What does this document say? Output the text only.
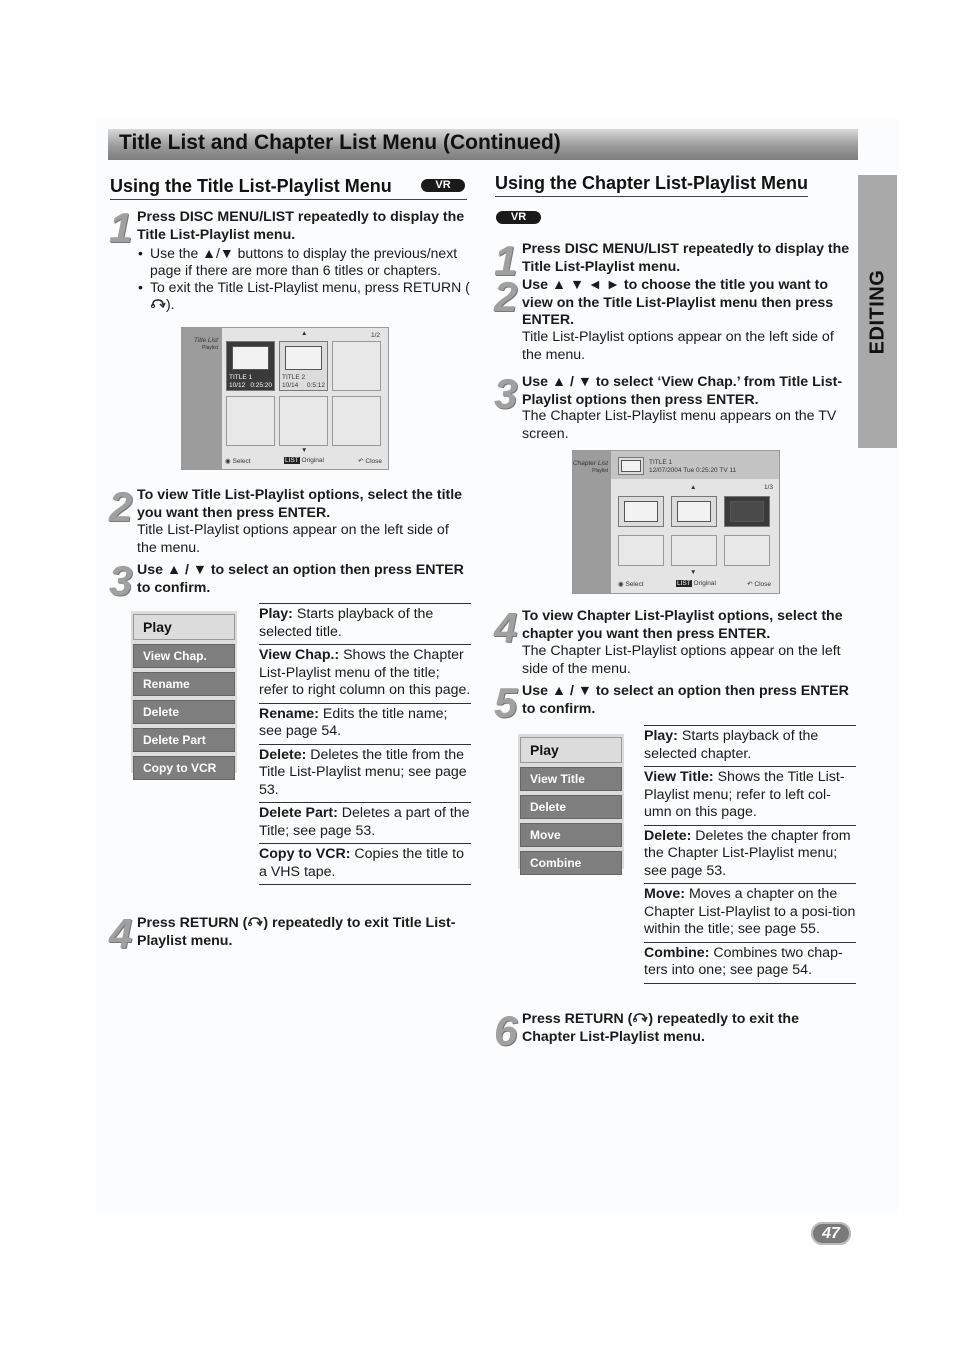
Title List and Chapter List Menu (Continued)
EDITING
Using the Title List-Playlist Menu	VR
1 Press DISC MENU/LIST repeatedly to display the Title List-Playlist menu.
• Use the ▲/▼ buttons to display the previous/next page if there are more than 6 titles or chapters.
• To exit the Title List-Playlist menu, press RETURN ().
Title List
Playlist
▲	1/2
TITLE 1
10/12 0:25:20
TITLE 2
10/14 0:5:12
▼
◉ Select	LIST Original	↶ Close
2 To view Title List-Playlist options, select the title you want then press ENTER.
Title List-Playlist options appear on the left side of the menu.
3 Use ▲ / ▼ to select an option then press ENTER to confirm.
Play
View Chap.
Rename
Delete
Delete Part
Copy to VCR
Play: Starts playback of the selected title.
View Chap.: Shows the Chapter List-Playlist menu of the title; refer to right column on this page.
Rename: Edits the title name; see page 54.
Delete: Deletes the title from the Title List-Playlist menu; see page 53.
Delete Part: Deletes a part of the Title; see page 53.
Copy to VCR: Copies the title to a VHS tape.
4 Press RETURN ( ) repeatedly to exit Title List-Playlist menu.
Using the Chapter List-Playlist Menu
VR
1 Press DISC MENU/LIST repeatedly to display the Title List-Playlist menu.
2 Use ▲ ▼ ◄ ► to choose the title you want to view on the Title List-Playlist menu then press ENTER.
Title List-Playlist options appear on the left side of the menu.
3 Use ▲ / ▼ to select ‘View Chap.’ from Title List-Playlist options then press ENTER.
The Chapter List-Playlist menu appears on the TV screen.
Chapter List
Playlist
1/3
▲
▼
◉ Select	LIST Original	↶ Close
TITLE 1
12/07/2004 Tue 0:25:20 TV 11
4 To view Chapter List-Playlist options, select the chapter you want then press ENTER.
The Chapter List-Playlist options appear on the left side of the menu.
5 Use ▲ / ▼ to select an option then press ENTER to confirm.
Play
View Title
Delete
Move
Combine
Play: Starts playback of the selected chapter.
View Title: Shows the Title List-Playlist menu; refer to left col-umn on this page.
Delete: Deletes the chapter from the Chapter List-Playlist menu; see page 53.
Move: Moves a chapter on the Chapter List-Playlist to a posi-tion within the title; see page 55.
Combine: Combines two chap-ters into one; see page 54.
6 Press RETURN ( ) repeatedly to exit the Chapter List-Playlist menu.
47
